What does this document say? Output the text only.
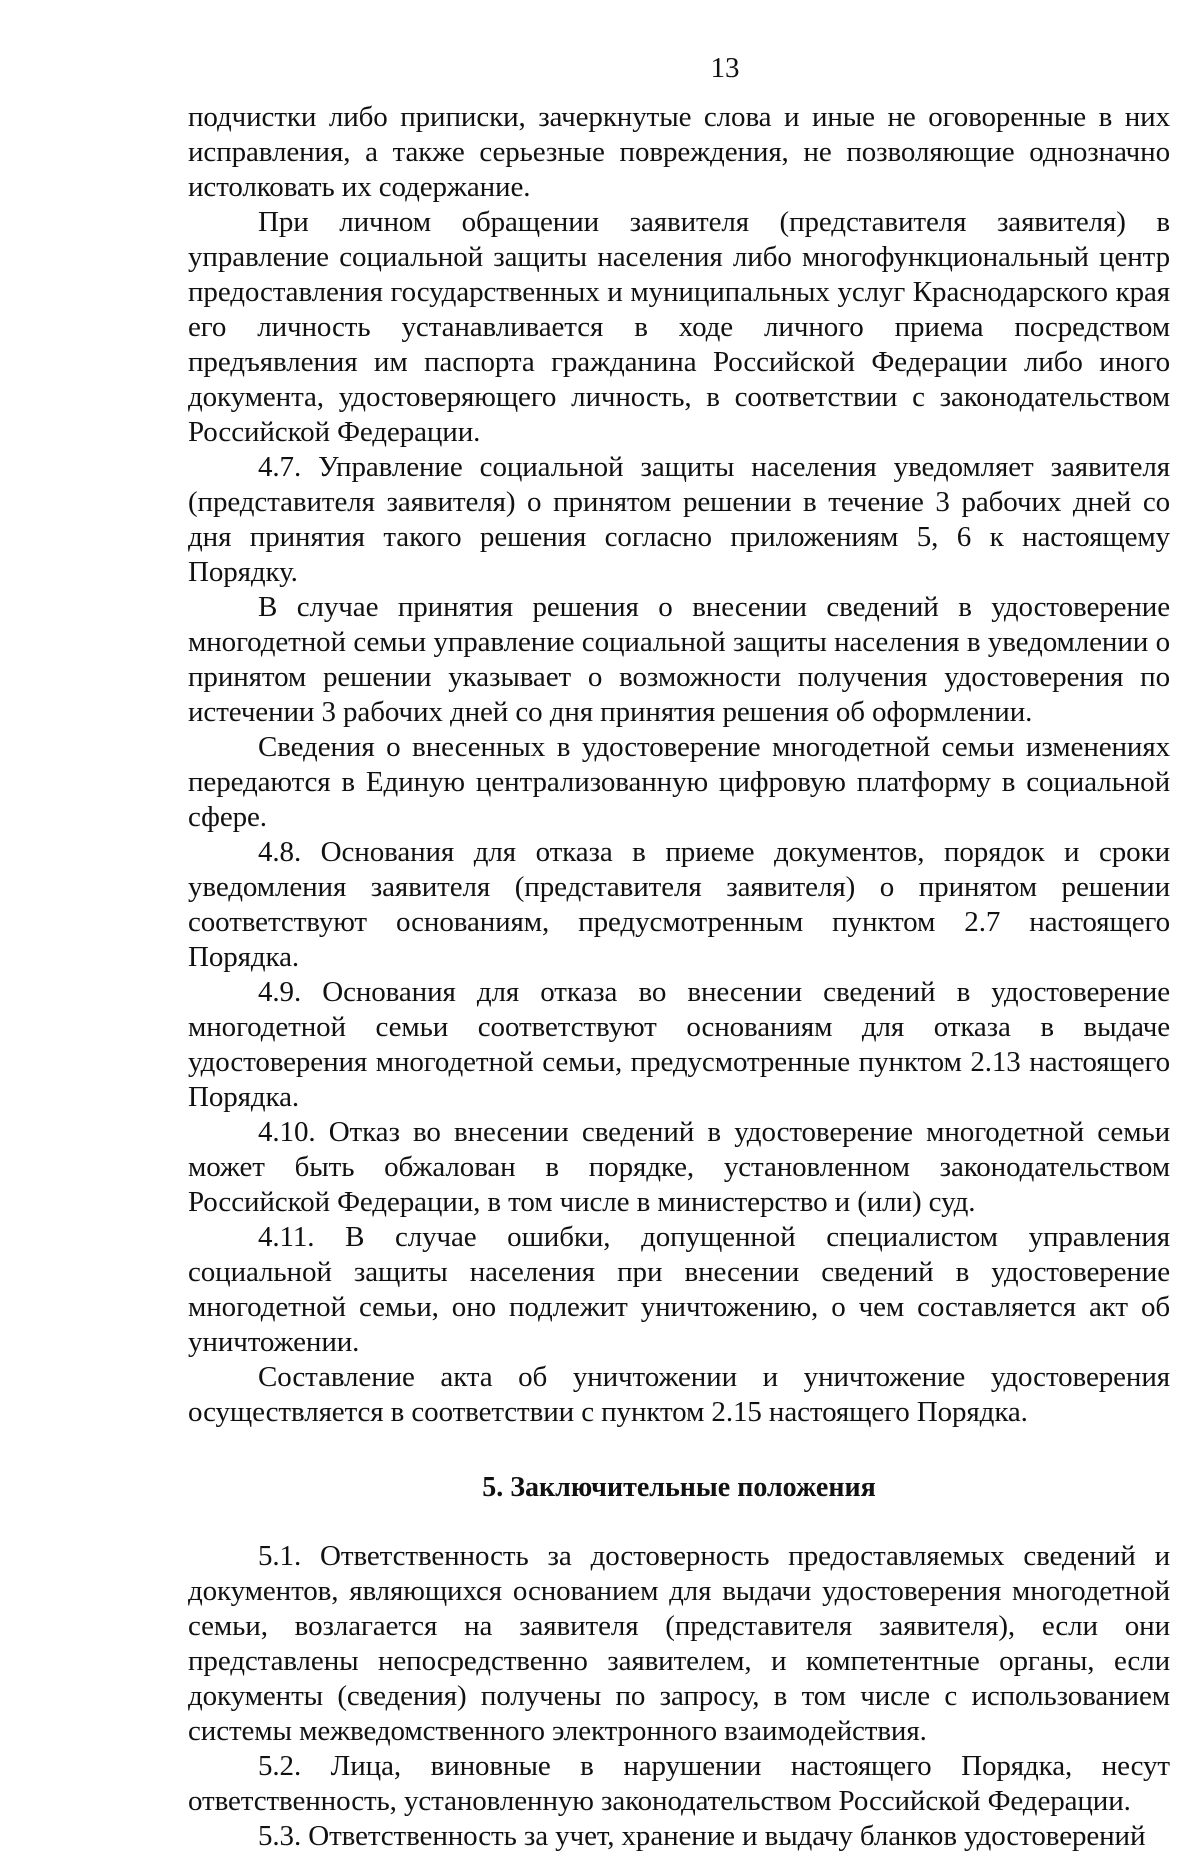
13

подчистки либо приписки, зачеркнутые слова и иные не оговоренные в них исправления, а также серьезные повреждения, не позволяющие однозначно истолковать их содержание.

При личном обращении заявителя (представителя заявителя) в управление социальной защиты населения либо многофункциональный центр предоставления государственных и муниципальных услуг Краснодарского края его личность устанавливается в ходе личного приема посредством предъявления им паспорта гражданина Российской Федерации либо иного документа, удостоверяющего личность, в соответствии с законодательством Российской Федерации.

4.7. Управление социальной защиты населения уведомляет заявителя (представителя заявителя) о принятом решении в течение 3 рабочих дней со дня принятия такого решения согласно приложениям 5, 6 к настоящему Порядку.

В случае принятия решения о внесении сведений в удостоверение многодетной семьи управление социальной защиты населения в уведомлении о принятом решении указывает о возможности получения удостоверения по истечении 3 рабочих дней со дня принятия решения об оформлении.

Сведения о внесенных в удостоверение многодетной семьи изменениях передаются в Единую централизованную цифровую платформу в социальной сфере.

4.8. Основания для отказа в приеме документов, порядок и сроки уведомления заявителя (представителя заявителя) о принятом решении соответствуют основаниям, предусмотренным пунктом 2.7 настоящего Порядка.

4.9. Основания для отказа во внесении сведений в удостоверение многодетной семьи соответствуют основаниям для отказа в выдаче удостоверения многодетной семьи, предусмотренные пунктом 2.13 настоящего Порядка.

4.10. Отказ во внесении сведений в удостоверение многодетной семьи может быть обжалован в порядке, установленном законодательством Российской Федерации, в том числе в министерство и (или) суд.

4.11. В случае ошибки, допущенной специалистом управления социальной защиты населения при внесении сведений в удостоверение многодетной семьи, оно подлежит уничтожению, о чем составляется акт об уничтожении.

Составление акта об уничтожении и уничтожение удостоверения осуществляется в соответствии с пунктом 2.15 настоящего Порядка.

5. Заключительные положения

5.1. Ответственность за достоверность предоставляемых сведений и документов, являющихся основанием для выдачи удостоверения многодетной семьи, возлагается на заявителя (представителя заявителя), если они представлены непосредственно заявителем, и компетентные органы, если документы (сведения) получены по запросу, в том числе с использованием системы межведомственного электронного взаимодействия.

5.2. Лица, виновные в нарушении настоящего Порядка, несут ответственность, установленную законодательством Российской Федерации.

5.3. Ответственность за учет, хранение и выдачу бланков удостоверений
